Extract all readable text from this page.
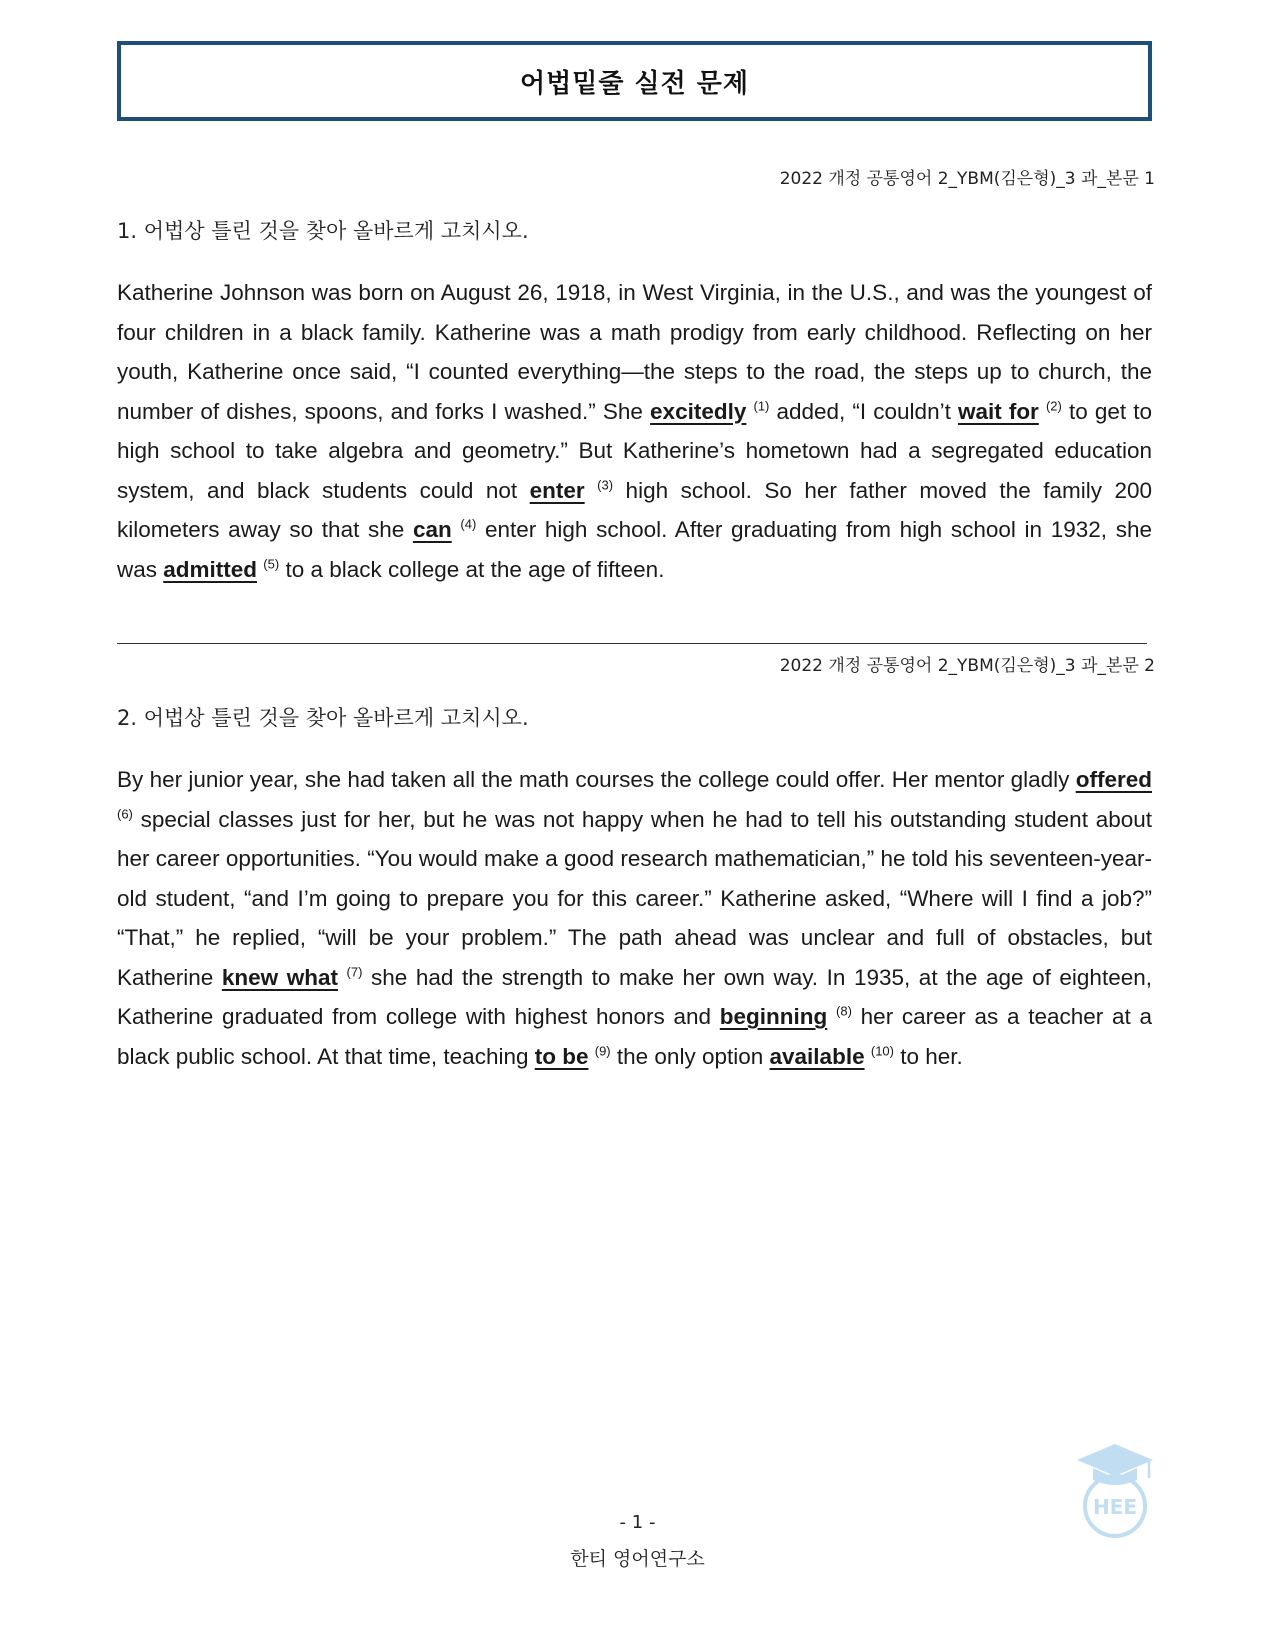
어법밑줄 실전 문제
2022 개정 공통영어 2_YBM(김은형)_3 과_본문 1
1. 어법상 틀린 것을 찾아 올바르게 고치시오.
Katherine Johnson was born on August 26, 1918, in West Virginia, in the U.S., and was the youngest of four children in a black family. Katherine was a math prodigy from early childhood. Reflecting on her youth, Katherine once said, “I counted everything—the steps to the road, the steps up to church, the number of dishes, spoons, and forks I washed.” She excitedly $^{(1)}$ added, “I couldn’t wait for $^{(2)}$ to get to high school to take algebra and geometry.” But Katherine’s hometown had a segregated education system, and black students could not enter $^{(3)}$ high school. So her father moved the family 200 kilometers away so that she can $^{(4)}$ enter high school. After graduating from high school in 1932, she was admitted $^{(5)}$ to a black college at the age of fifteen.
2022 개정 공통영어 2_YBM(김은형)_3 과_본문 2
2. 어법상 틀린 것을 찾아 올바르게 고치시오.
By her junior year, she had taken all the math courses the college could offer. Her mentor gladly offered $^{(6)}$ special classes just for her, but he was not happy when he had to tell his outstanding student about her career opportunities. “You would make a good research mathematician,” he told his seventeen-year-old student, “and I’m going to prepare you for this career.” Katherine asked, “Where will I find a job?” “That,” he replied, “will be your problem.” The path ahead was unclear and full of obstacles, but Katherine knew what $^{(7)}$ she had the strength to make her own way. In 1935, at the age of eighteen, Katherine graduated from college with highest honors and beginning $^{(8)}$ her career as a teacher at a black public school. At that time, teaching to be $^{(9)}$ the only option available $^{(10)}$ to her.
HEE
- 1 -
한티 영어연구소
